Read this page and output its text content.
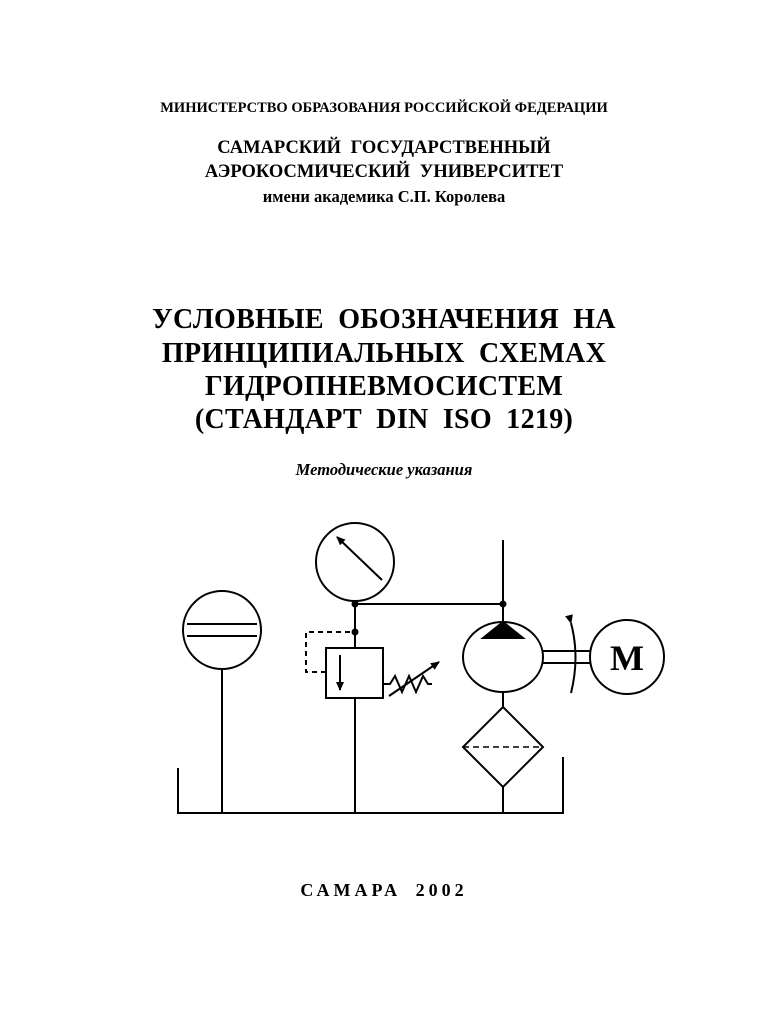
МИНИСТЕРСТВО ОБРАЗОВАНИЯ РОССИЙСКОЙ ФЕДЕРАЦИИ
САМАРСКИЙ ГОСУДАРСТВЕННЫЙ
АЭРОКОСМИЧЕСКИЙ УНИВЕРСИТЕТ
имени академика С.П. Королева
УСЛОВНЫЕ ОБОЗНАЧЕНИЯ НА
ПРИНЦИПИАЛЬНЫХ СХЕМАХ
ГИДРОПНЕВМОСИСТЕМ
(СТАНДАРТ DIN ISO 1219)
Методические указания
M
САМАРА 2002
